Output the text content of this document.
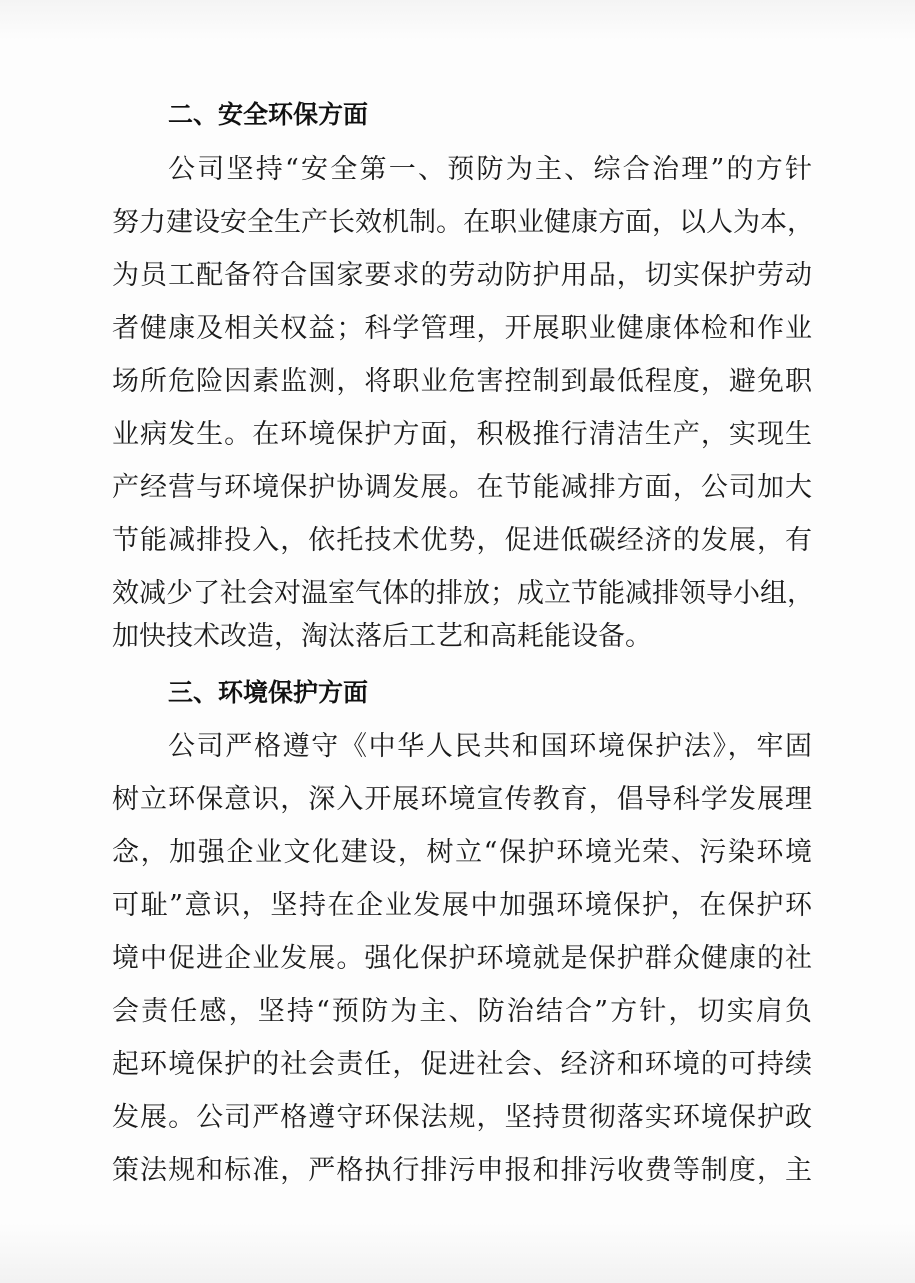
二、安全环保方面
公司坚持“安全第一、预防为主、综合治理”的方针
努力建设安全生产长效机制。在职业健康方面，以人为本，
为员工配备符合国家要求的劳动防护用品，切实保护劳动
者健康及相关权益；科学管理，开展职业健康体检和作业
场所危险因素监测，将职业危害控制到最低程度，避免职
业病发生。在环境保护方面，积极推行清洁生产，实现生
产经营与环境保护协调发展。在节能减排方面，公司加大
节能减排投入，依托技术优势，促进低碳经济的发展，有
效减少了社会对温室气体的排放；成立节能减排领导小组，
加快技术改造，淘汰落后工艺和高耗能设备。
三、环境保护方面
公司严格遵守《中华人民共和国环境保护法》，牢固
树立环保意识，深入开展环境宣传教育，倡导科学发展理
念，加强企业文化建设，树立“保护环境光荣、污染环境
可耻”意识，坚持在企业发展中加强环境保护，在保护环
境中促进企业发展。强化保护环境就是保护群众健康的社
会责任感，坚持“预防为主、防治结合”方针，切实肩负
起环境保护的社会责任，促进社会、经济和环境的可持续
发展。公司严格遵守环保法规，坚持贯彻落实环境保护政
策法规和标准，严格执行排污申报和排污收费等制度，主
